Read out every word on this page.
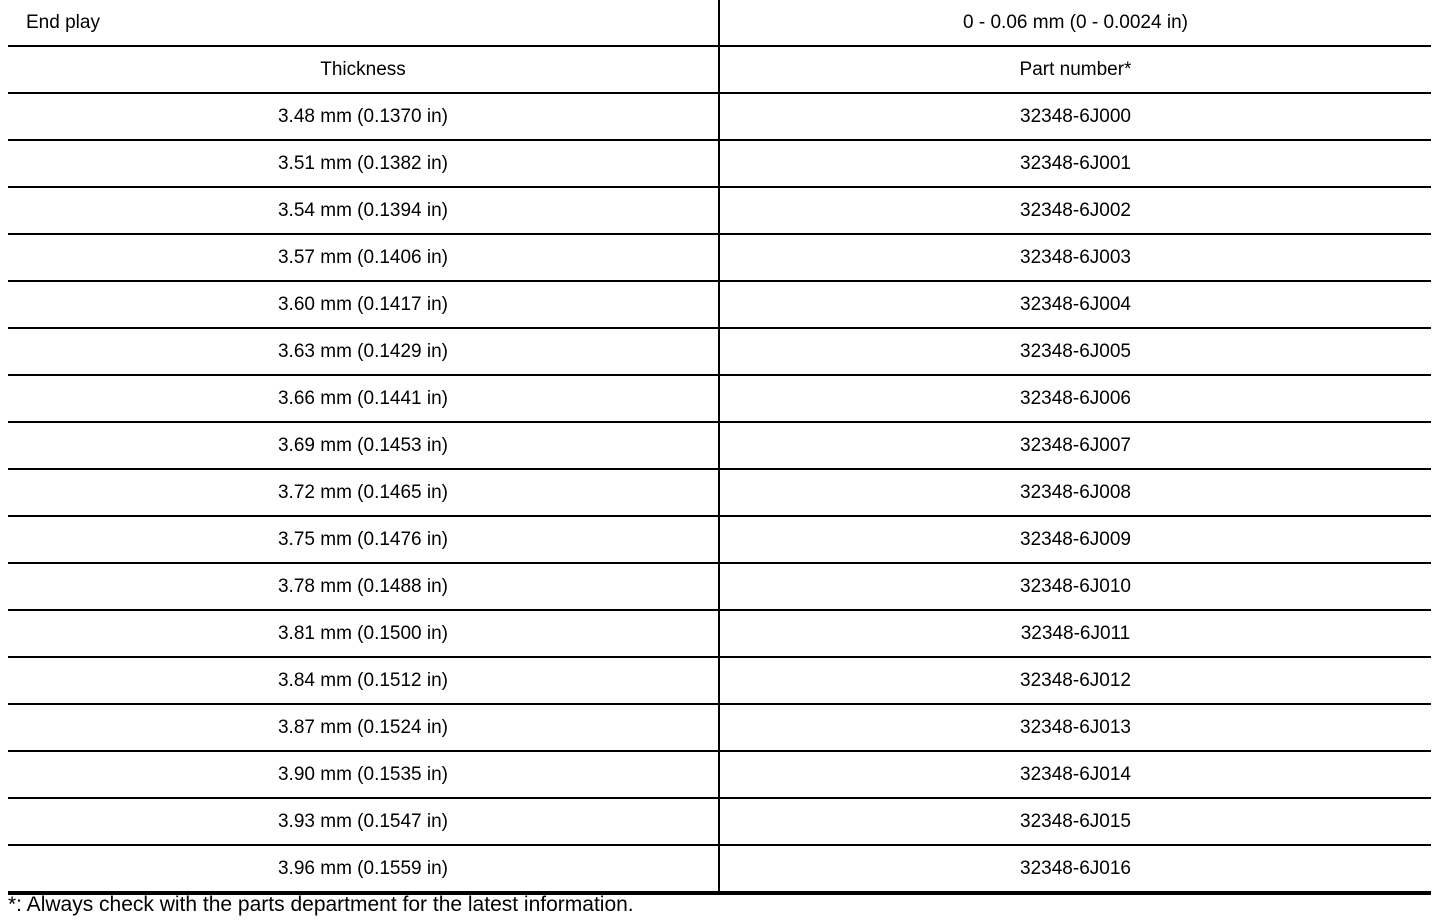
End play	0 - 0.06 mm (0 - 0.0024 in)
Thickness	Part number*
3.48 mm (0.1370 in)	32348-6J000
3.51 mm (0.1382 in)	32348-6J001
3.54 mm (0.1394 in)	32348-6J002
3.57 mm (0.1406 in)	32348-6J003
3.60 mm (0.1417 in)	32348-6J004
3.63 mm (0.1429 in)	32348-6J005
3.66 mm (0.1441 in)	32348-6J006
3.69 mm (0.1453 in)	32348-6J007
3.72 mm (0.1465 in)	32348-6J008
3.75 mm (0.1476 in)	32348-6J009
3.78 mm (0.1488 in)	32348-6J010
3.81 mm (0.1500 in)	32348-6J011
3.84 mm (0.1512 in)	32348-6J012
3.87 mm (0.1524 in)	32348-6J013
3.90 mm (0.1535 in)	32348-6J014
3.93 mm (0.1547 in)	32348-6J015
3.96 mm (0.1559 in)	32348-6J016
*: Always check with the parts department for the latest information.
